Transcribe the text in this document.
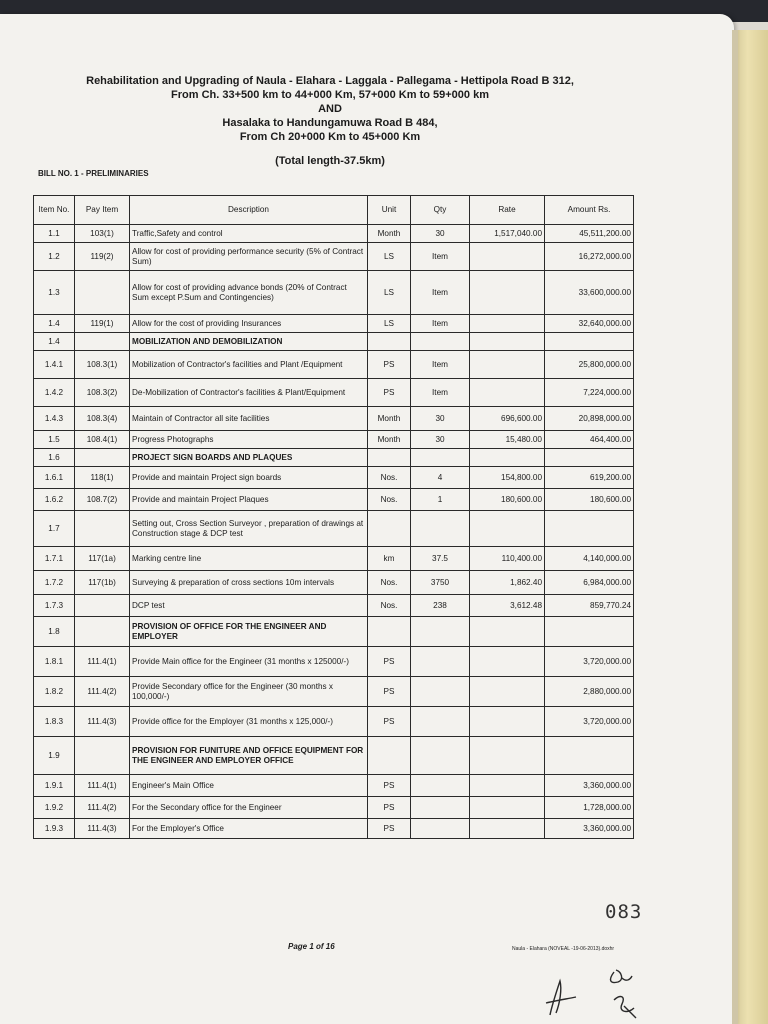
Rehabilitation and Upgrading of Naula - Elahara - Laggala - Pallegama - Hettipola Road B 312,
From Ch. 33+500 km to 44+000 Km, 57+000 Km to 59+000 km
AND
Hasalaka to Handungamuwa Road B 484,
From Ch 20+000 Km to 45+000 Km
(Total length-37.5km)
BILL NO. 1 - PRELIMINARIES
Item No.	Pay Item	Description	Unit	Qty	Rate	Amount Rs.
1.1	103(1)	Traffic,Safety and control	Month	30	1,517,040.00	45,511,200.00
1.2	119(2)	Allow for cost of providing performance security (5% of Contract Sum)	LS	Item		16,272,000.00
1.3		Allow for cost of providing advance bonds (20% of Contract Sum except P.Sum and Contingencies)	LS	Item		33,600,000.00
1.4	119(1)	Allow for the cost of providing Insurances	LS	Item		32,640,000.00
1.4		MOBILIZATION AND DEMOBILIZATION				
1.4.1	108.3(1)	Mobilization of Contractor's facilities and Plant /Equipment	PS	Item		25,800,000.00
1.4.2	108.3(2)	De-Mobilization of Contractor's facilities & Plant/Equipment	PS	Item		7,224,000.00
1.4.3	108.3(4)	Maintain of Contractor all site facilities	Month	30	696,600.00	20,898,000.00
1.5	108.4(1)	Progress Photographs	Month	30	15,480.00	464,400.00
1.6		PROJECT SIGN BOARDS AND PLAQUES				
1.6.1	118(1)	Provide and maintain Project sign boards	Nos.	4	154,800.00	619,200.00
1.6.2	108.7(2)	Provide and maintain Project Plaques	Nos.	1	180,600.00	180,600.00
1.7		Setting out, Cross Section Surveyor , preparation of drawings at Construction stage & DCP test				
1.7.1	117(1a)	Marking centre line	km	37.5	110,400.00	4,140,000.00
1.7.2	117(1b)	Surveying & preparation of cross sections 10m intervals	Nos.	3750	1,862.40	6,984,000.00
1.7.3		DCP test	Nos.	238	3,612.48	859,770.24
1.8		PROVISION OF OFFICE FOR THE ENGINEER AND EMPLOYER				
1.8.1	111.4(1)	Provide Main office for the Engineer (31 months x 125000/-)	PS			3,720,000.00
1.8.2	111.4(2)	Provide Secondary office for the Engineer (30 months x 100,000/-)	PS			2,880,000.00
1.8.3	111.4(3)	Provide office for the Employer (31 months x 125,000/-)	PS			3,720,000.00
1.9		PROVISION FOR FUNITURE AND OFFICE EQUIPMENT FOR THE ENGINEER AND EMPLOYER OFFICE				
1.9.1	111.4(1)	Engineer's Main Office	PS			3,360,000.00
1.9.2	111.4(2)	For the Secondary office for the Engineer	PS			1,728,000.00
1.9.3	111.4(3)	For the Employer's Office	PS			3,360,000.00
083
Page 1 of 16	Naula - Elahara (NOVEAL -19-06-2013).doxhr
